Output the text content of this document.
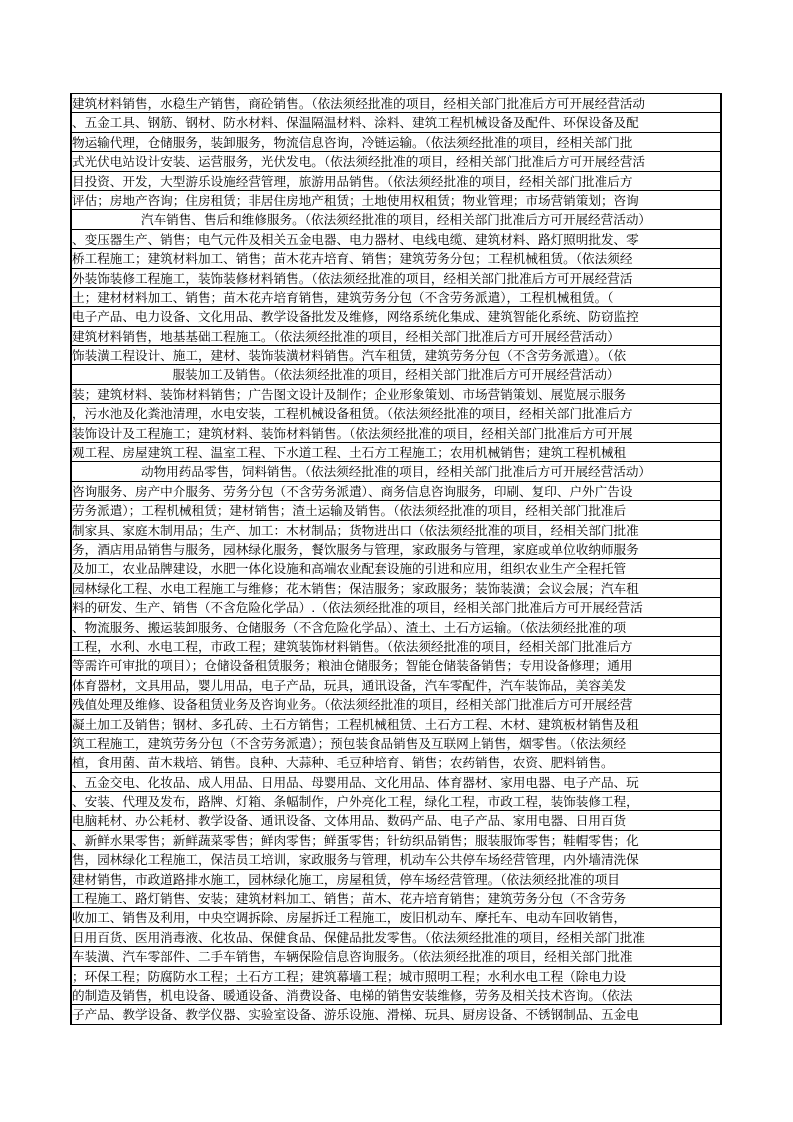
建筑材料销售，水稳生产销售，商砼销售。（依法须经批准的项目，经相关部门批准后方可开展经营活动
、五金工具、钢筋、钢材、防水材料、保温隔温材料、涂料、建筑工程机械设备及配件、环保设备及配
物运输代理，仓储服务，装卸服务，物流信息咨询，冷链运输。（依法须经批准的项目，经相关部门批
式光伏电站设计安装、运营服务，光伏发电。（依法须经批准的项目，经相关部门批准后方可开展经营活
目投资、开发，大型游乐设施经营管理，旅游用品销售。（依法须经批准的项目，经相关部门批准后方
评估；房地产咨询；住房租赁；非居住房地产租赁；土地使用权租赁；物业管理；市场营销策划；咨询
汽车销售、售后和维修服务。（依法须经批准的项目，经相关部门批准后方可开展经营活动）
、变压器生产、销售；电气元件及相关五金电器、电力器材、电线电缆、建筑材料、路灯照明批发、零
桥工程施工；建筑材料加工、销售；苗木花卉培育、销售；建筑劳务分包；工程机械租赁。（依法须经
外装饰装修工程施工，装饰装修材料销售。（依法须经批准的项目，经相关部门批准后方可开展经营活
土；建材材料加工、销售；苗木花卉培育销售，建筑劳务分包（不含劳务派遣），工程机械租赁。（
电子产品、电力设备、文化用品、教学设备批发及维修，网络系统化集成、建筑智能化系统、防窃监控
建筑材料销售，地基基础工程施工。（依法须经批准的项目，经相关部门批准后方可开展经营活动）
饰装潢工程设计、施工，建材、装饰装潢材料销售。汽车租赁，建筑劳务分包（不含劳务派遣）。（依
服装加工及销售。（依法须经批准的项目，经相关部门批准后方可开展经营活动）
装；建筑材料、装饰材料销售；广告图文设计及制作；企业形象策划、市场营销策划、展览展示服务
，污水池及化粪池清理，水电安装，工程机械设备租赁。（依法须经批准的项目，经相关部门批准后方
装饰设计及工程施工；建筑材料、装饰材料销售。（依法须经批准的项目，经相关部门批准后方可开展
观工程、房屋建筑工程、温室工程、下水道工程、土石方工程施工；农用机械销售；建筑工程机械租
动物用药品零售，饲料销售。（依法须经批准的项目，经相关部门批准后方可开展经营活动）
咨询服务、房产中介服务、劳务分包（不含劳务派遣）、商务信息咨询服务，印刷、复印、户外广告设
劳务派遣）；工程机械租赁；建材销售；渣土运输及销售。（依法须经批准的项目，经相关部门批准后
制家具、家庭木制用品；生产、加工：木材制品；货物进出口（依法须经批准的项目，经相关部门批准
务，酒店用品销售与服务，园林绿化服务，餐饮服务与管理，家政服务与管理，家庭或单位收纳师服务
及加工，农业品牌建设，水肥一体化设施和高端农业配套设施的引进和应用，组织农业生产全程托管
园林绿化工程、水电工程施工与维修；花木销售；保洁服务；家政服务；装饰装潢；会议会展；汽车租
料的研发、生产、销售（不含危险化学品）.（依法须经批准的项目，经相关部门批准后方可开展经营活
、物流服务、搬运装卸服务、仓储服务（不含危险化学品）、渣土、土石方运输。（依法须经批准的项
工程，水利、水电工程，市政工程；建筑装饰材料销售。（依法须经批准的项目，经相关部门批准后方
等需许可审批的项目）；仓储设备租赁服务；粮油仓储服务；智能仓储装备销售；专用设备修理；通用
体育器材，文具用品，婴儿用品，电子产品，玩具，通讯设备，汽车零配件，汽车装饰品，美容美发
残值处理及维修、设备租赁业务及咨询业务。（依法须经批准的项目，经相关部门批准后方可开展经营
凝土加工及销售；钢材、多孔砖、土石方销售；工程机械租赁、土石方工程、木材、建筑板材销售及租
筑工程施工，建筑劳务分包（不含劳务派遣）；预包装食品销售及互联网上销售，烟零售。（依法须经
植，食用菌、苗木栽培、销售。良种、大蒜种、毛豆种培育、销售；农药销售，农资、肥料销售。
、五金交电、化妆品、成人用品、日用品、母婴用品、文化用品、体育器材、家用电器、电子产品、玩
、安装、代理及发布，路牌、灯箱、条幅制作，户外亮化工程，绿化工程，市政工程，装饰装修工程，
电脑耗材、办公耗材、教学设备、通讯设备、文体用品、数码产品、电子产品、家用电器、日用百货
、新鲜水果零售；新鲜蔬菜零售；鲜肉零售；鲜蛋零售；针纺织品销售；服装服饰零售；鞋帽零售；化
售，园林绿化工程施工，保洁员工培训，家政服务与管理，机动车公共停车场经营管理，内外墙清洗保
建材销售，市政道路排水施工，园林绿化施工，房屋租赁，停车场经营管理。（依法须经批准的项目
工程施工、路灯销售、安装；建筑材料加工、销售；苗木、花卉培育销售；建筑劳务分包（不含劳务
收加工、销售及利用，中央空调拆除、房屋拆迁工程施工，废旧机动车、摩托车、电动车回收销售，
日用百货、医用消毒液、化妆品、保健食品、保健品批发零售。（依法须经批准的项目，经相关部门批准
车装潢、汽车零部件、二手车销售，车辆保险信息咨询服务。（依法须经批准的项目，经相关部门批准
；环保工程；防腐防水工程；土石方工程；建筑幕墙工程；城市照明工程；水利水电工程（除电力设
的制造及销售，机电设备、暖通设备、消费设备、电梯的销售安装维修，劳务及相关技术咨询。（依法
子产品、教学设备、教学仪器、实验室设备、游乐设施、滑梯、玩具、厨房设备、不锈钢制品、五金电
